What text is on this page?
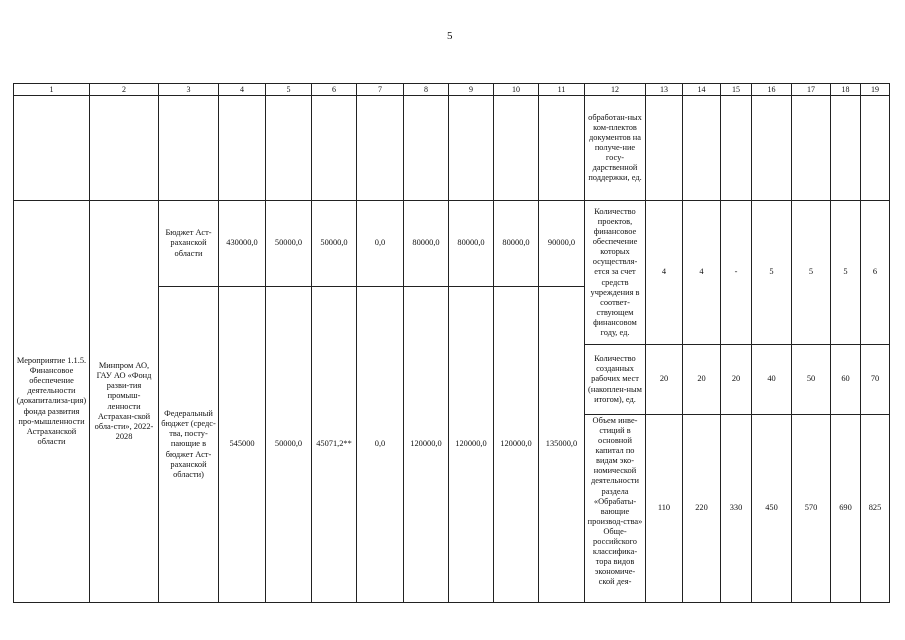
5
1	2	3	4	5	6	7	8	9	10	11	12	13	14	15	16	17	18	19
											обработан-ных ком-плектов документов на получе-ние госу-дарственной поддержки, ед.							
Мероприятие 1.1.5. Финансовое обеспечение деятельности (докапитализа-ция) фонда развития про-мышленности Астраханской области	Минпром АО, ГАУ АО «Фонд разви-тия промыш-ленности Астрахан-ской обла-сти», 2022-2028	Бюджет Аст-раханской области	430000,0	50000,0	50000,0	0,0	80000,0	80000,0	80000,0	90000,0	Количество проектов, финансовое обеспечение которых осуществля-ется за счет средств учреждения в соответ-ствующем финансовом году, ед.	4	4	-	5	5	5	6
		Федеральный бюджет (средс-тва, посту-пающие в бюджет Аст-раханской области)	545000	50000,0	45071,2**	0,0	120000,0	120000,0	120000,0	135000,0								
											Количество созданных рабочих мест (накоплен-ным итогом), ед.	20	20	20	40	50	60	70
											Объем инве-стиций в основной капитал по видам эко-номической деятельности раздела «Обрабаты-вающие производ-ства» Обще-российского классифика-тора видов экономиче-ской дея-	110	220	330	450	570	690	825
